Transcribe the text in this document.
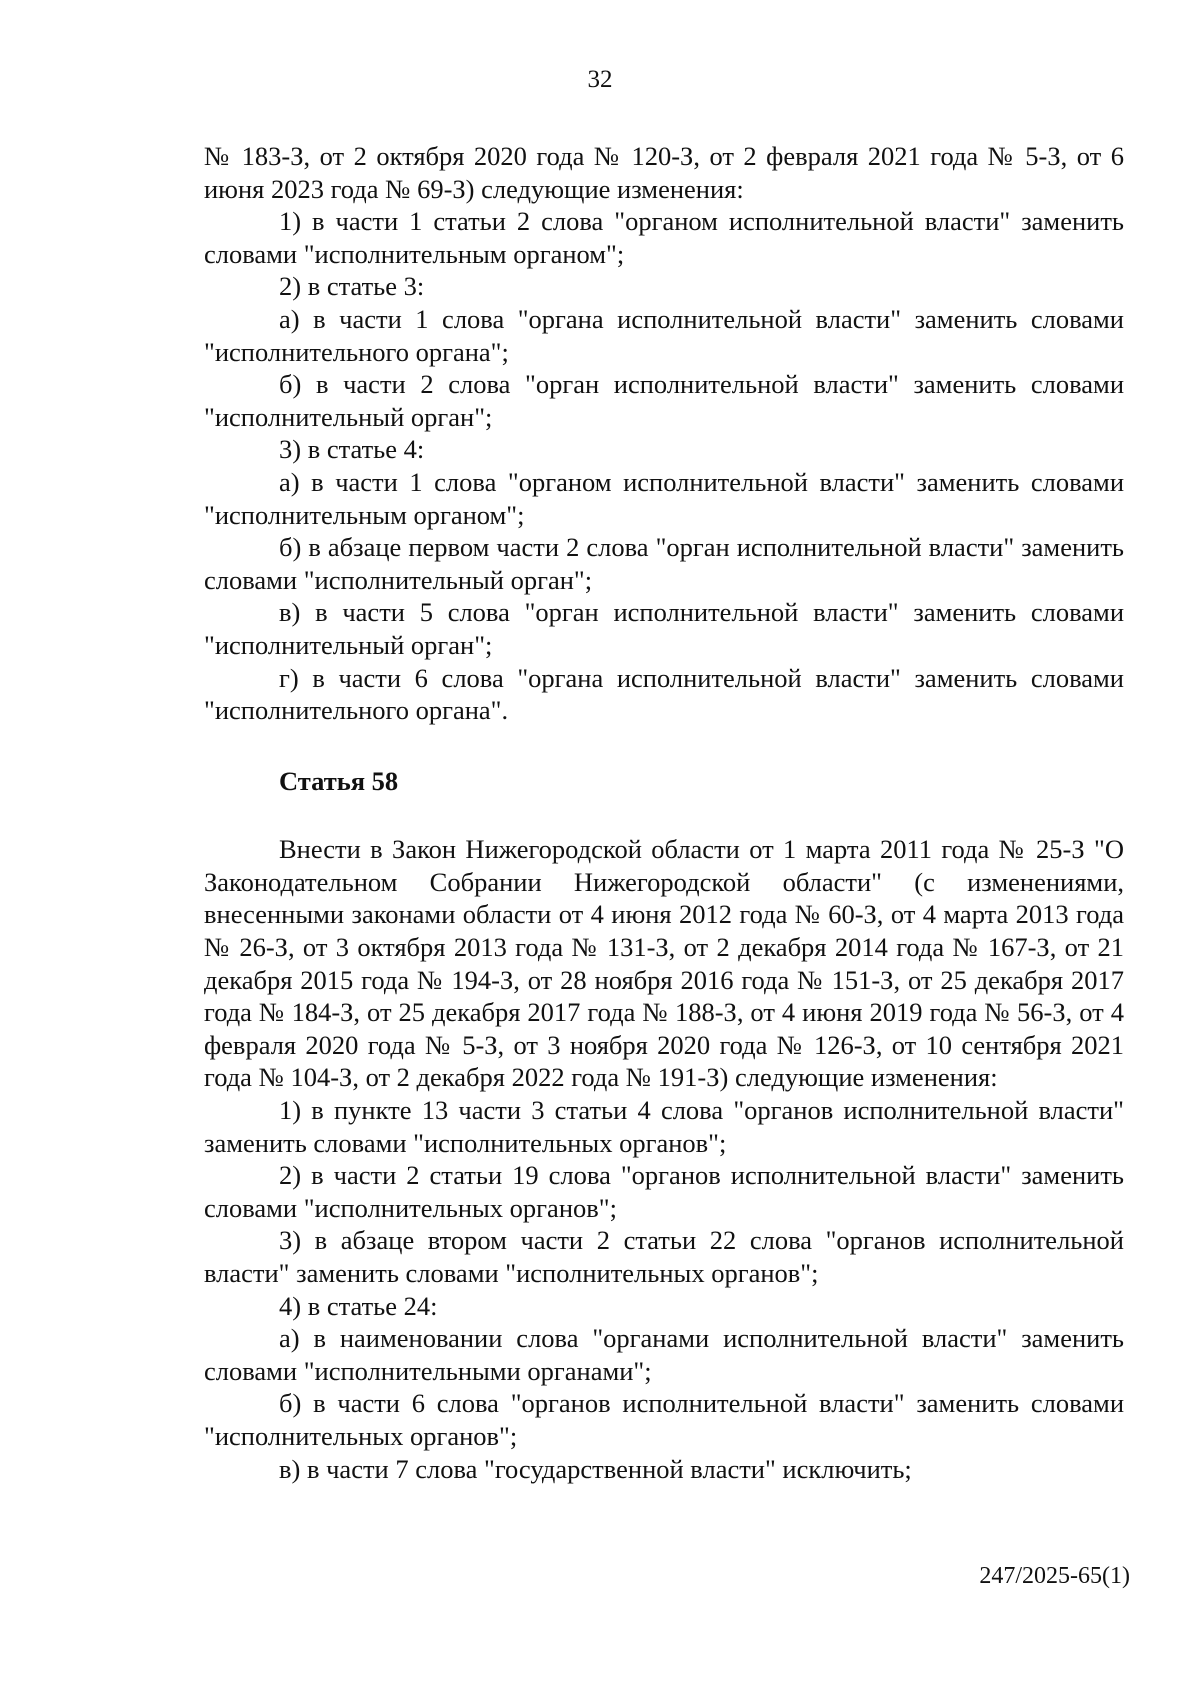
32

№ 183-З, от 2 октября 2020 года № 120-З, от 2 февраля 2021 года № 5-З, от 6 июня 2023 года № 69-З) следующие изменения:

1) в части 1 статьи 2 слова "органом исполнительной власти" заменить словами "исполнительным органом";

2) в статье 3:

а) в части 1 слова "органа исполнительной власти" заменить словами "исполнительного органа";

б) в части 2 слова "орган исполнительной власти" заменить словами "исполнительный орган";

3) в статье 4:

а) в части 1 слова "органом исполнительной власти" заменить словами "исполнительным органом";

б) в абзаце первом части 2 слова "орган исполнительной власти" заменить словами "исполнительный орган";

в) в части 5 слова "орган исполнительной власти" заменить словами "исполнительный орган";

г) в части 6 слова "органа исполнительной власти" заменить словами "исполнительного органа".

Статья 58

Внести в Закон Нижегородской области от 1 марта 2011 года № 25-З "О Законодательном Собрании Нижегородской области" (с изменениями, внесенными законами области от 4 июня 2012 года № 60-З, от 4 марта 2013 года № 26-З, от 3 октября 2013 года № 131-З, от 2 декабря 2014 года № 167-З, от 21 декабря 2015 года № 194-З, от 28 ноября 2016 года № 151-З, от 25 декабря 2017 года № 184-З, от 25 декабря 2017 года № 188-З, от 4 июня 2019 года № 56-З, от 4 февраля 2020 года № 5-З, от 3 ноября 2020 года № 126-З, от 10 сентября 2021 года № 104-З, от 2 декабря 2022 года № 191-З) следующие изменения:

1) в пункте 13 части 3 статьи 4 слова "органов исполнительной власти" заменить словами "исполнительных органов";

2) в части 2 статьи 19 слова "органов исполнительной власти" заменить словами "исполнительных органов";

3) в абзаце втором части 2 статьи 22 слова "органов исполнительной власти" заменить словами "исполнительных органов";

4) в статье 24:

а) в наименовании слова "органами исполнительной власти" заменить словами "исполнительными органами";

б) в части 6 слова "органов исполнительной власти" заменить словами "исполнительных органов";

в) в части 7 слова "государственной власти" исключить;

247/2025-65(1)
